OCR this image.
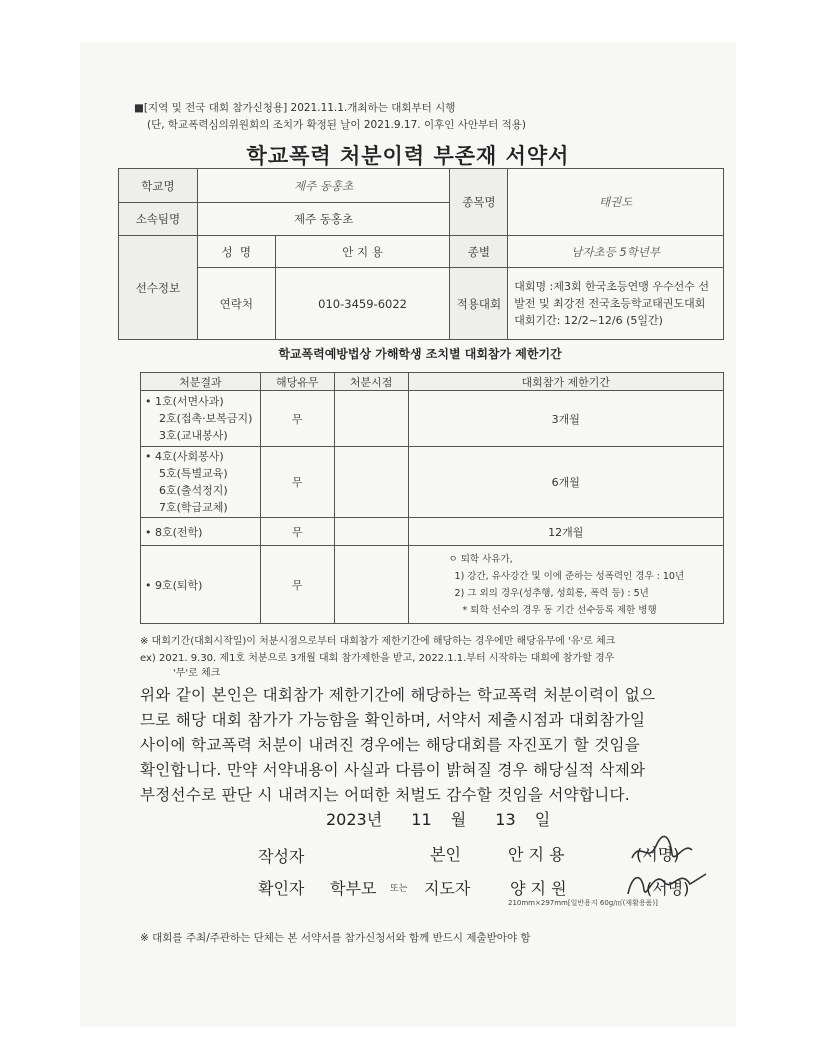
■[지역 및 전국 대회 참가신청용] 2021.11.1.개최하는 대회부터 시행
(단, 학교폭력심의위원회의 조치가 확정된 날이 2021.9.17. 이후인 사안부터 적용)
학교폭력 처분이력 부존재 서약서
학교명	제주 동홍초		종목명	태권도
소속팀명	제주 동홍초			
선수정보	성  명	안 지 용	종별	남자초등 5학년부
	연락처	010-3459-6022	적용대회	대회명 :제3회 한국초등연맹 우수선수 선발전 및 최강전 전국초등학교태권도대회
대회기간: 12/2~12/6 (5일간)
학교폭력예방법상 가해학생 조치별 대회참가 제한기간
처분결과	해당유무	처분시점	대회참가 제한기간

• 1호(서면사과)
2호(접촉·보복금지)
3호(교내봉사)	무		3개월

• 4호(사회봉사)
5호(특별교육)
6호(출석정지)
7호(학급교체)	무		6개월
• 8호(전학)	무		12개월
• 9호(퇴학)	무		ㅇ 퇴학 사유가,
1) 강간, 유사강간 및 이에 준하는 성폭력인 경우 : 10년
2) 그 외의 경우(성추행, 성희롱, 폭력 등) : 5년
* 퇴학 선수의 경우 동 기간 선수등록 제한 병행
※ 대회기간(대회시작일)이 처분시점으로부터 대회참가 제한기간에 해당하는 경우에만 해당유무에 '유'로 체크
ex) 2021. 9.30. 제1호 처분으로 3개월 대회 참가제한을 받고, 2022.1.1.부터 시작하는 대회에 참가할 경우
'무'로 체크
위와 같이 본인은 대회참가 제한기간에 해당하는 학교폭력 처분이력이 없으
므로 해당 대회 참가가 가능함을 확인하며, 서약서 제출시점과 대회참가일
사이에 학교폭력 처분이 내려진 경우에는 해당대회를 자진포기 할 것임을
확인합니다. 만약 서약내용이 사실과 다름이 밝혀질 경우 해당실적 삭제와
부정선수로 판단 시 내려지는 어떠한 처벌도 감수할 것임을 서약합니다.
2023년 11 월 13 일
작성자	본인	안 지 용	(서명)
확인자 학부모 또는 지도자 양 지 원	(서명)
210mm×297mm[일반용지 60g/㎡(재활용품)]
※ 대회를 주최/주관하는 단체는 본 서약서를 참가신청서와 함께 반드시 제출받아야 함
